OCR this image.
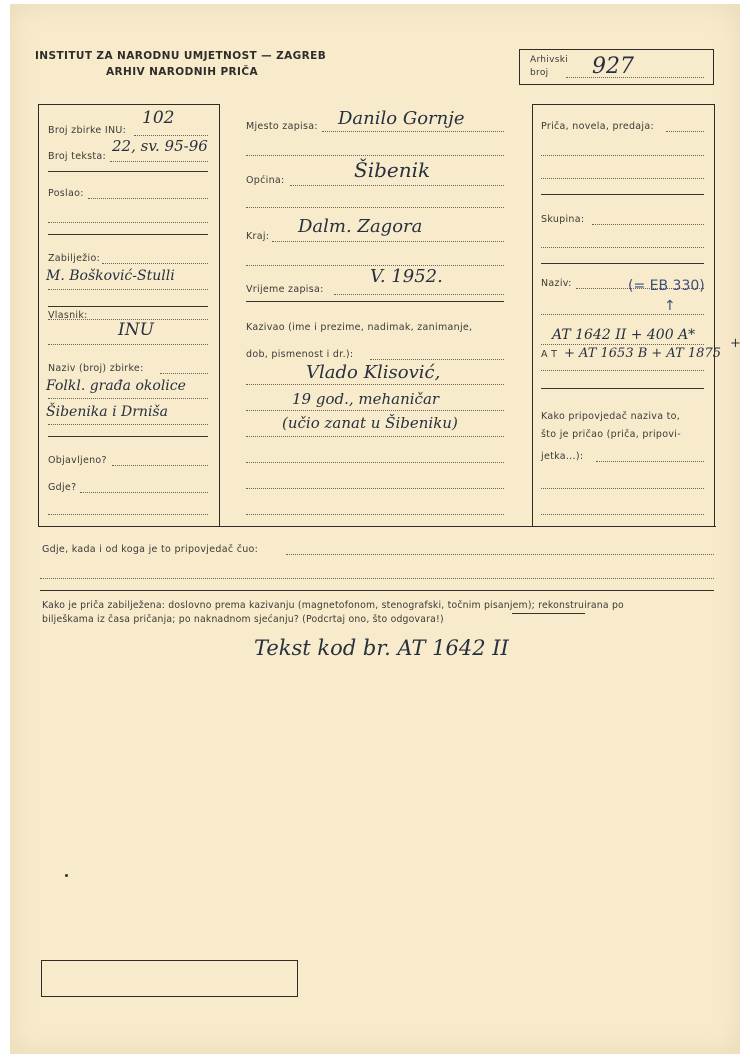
INSTITUT ZA NARODNU UMJETNOST — ZAGREB
ARHIV NARODNIH PRIČA
Arhivski
broj 927
Broj zbirke INU:
102
Broj teksta:
22, sv. 95-96
Poslao:
Zabilježio:
M. Bošković-Stulli
Vlasnik:
INU
Naziv (broj) zbirke:
Folkl. građa okolice
Šibenika i Drniša
Objavljeno?
Gdje?
Mjesto zapisa: Danilo Gornje
Općina:	Šibenik
Kraj: Dalm. Zagora
Vrijeme zapisa:
V. 1952.
Kazivao (ime i prezime, nadimak, zanimanje,
dob, pismenost i dr.):
Vlado Klisović,
19 god., mehaničar
(učio zanat u Šibeniku)
Priča, novela, predaja:
Skupina:
Naziv:	(= EB 330)
↑
AT 1642 II + 400 A*
A T + AT 1653 B + AT 1875
+
Kako pripovjedač naziva to,
što je pričao (priča, pripovi-
jetka...):
Gdje, kada i od koga je to pripovjedač čuo:
Kako je priča zabilježena: doslovno prema kazivanju (magnetofonom, stenografski, točnim pisanjem); rekonstruirana po
bilješkama iz časa pričanja; po naknadnom sjećanju? (Podcrtaj ono, što odgovara!)
Tekst kod br. AT 1642 II
